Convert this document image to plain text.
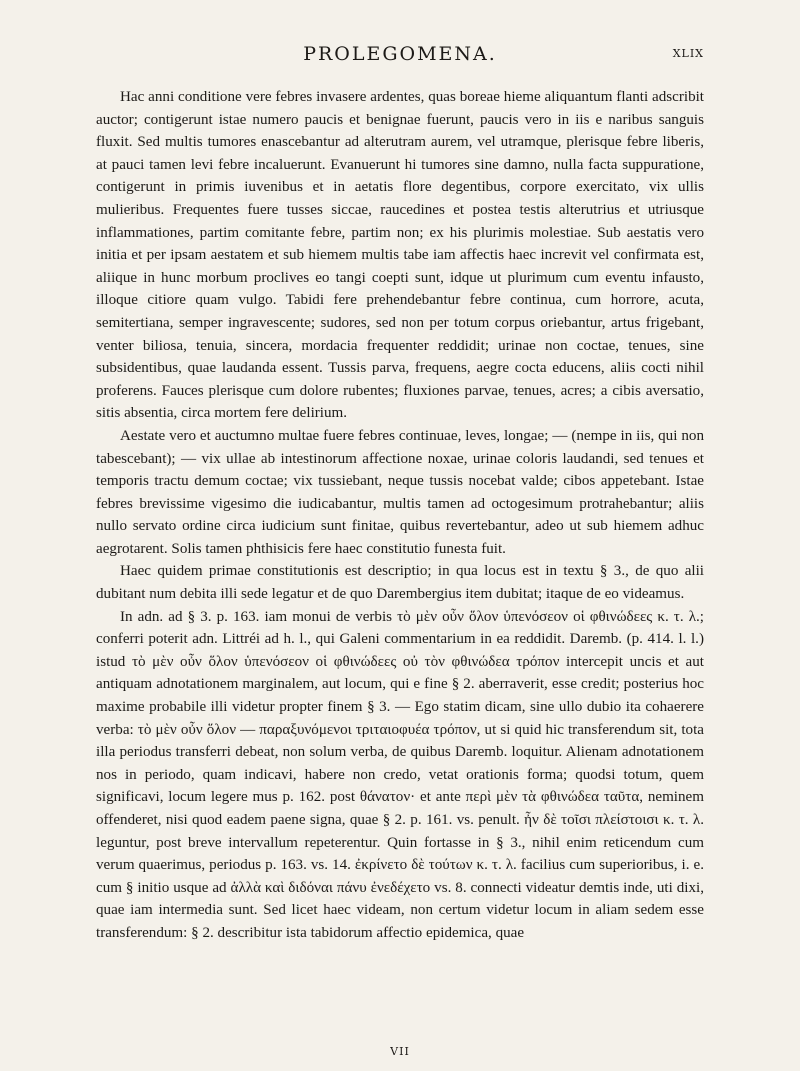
PROLEGOMENA.	XLIX

Hac anni conditione vere febres invasere ardentes, quas boreae hieme aliquantum flanti adscribit auctor; contigerunt istae numero paucis et benignae fuerunt, paucis vero in iis e naribus sanguis fluxit. Sed multis tumores enascebantur ad alterutram aurem, vel utramque, plerisque febre liberis, at pauci tamen levi febre incaluerunt. Evanuerunt hi tumores sine damno, nulla facta suppuratione, contigerunt in primis iuvenibus et in aetatis flore degentibus, corpore exercitato, vix ullis mulieribus. Frequentes fuere tusses siccae, raucedines et postea testis alterutrius et utriusque inflammationes, partim comitante febre, partim non; ex his plurimis molestiae. Sub aestatis vero initia et per ipsam aestatem et sub hiemem multis tabe iam affectis haec increvit vel confirmata est, aliique in hunc morbum proclives eo tangi coepti sunt, idque ut plurimum cum eventu infausto, illoque citiore quam vulgo. Tabidi fere prehendebantur febre continua, cum horrore, acuta, semitertiana, semper ingravescente; sudores, sed non per totum corpus oriebantur, artus frigebant, venter biliosa, tenuia, sincera, mordacia frequenter reddidit; urinae non coctae, tenues, sine subsidentibus, quae laudanda essent. Tussis parva, frequens, aegre cocta educens, aliis cocti nihil proferens. Fauces plerisque cum dolore rubentes; fluxiones parvae, tenues, acres; a cibis aversatio, sitis absentia, circa mortem fere delirium.

Aestate vero et auctumno multae fuere febres continuae, leves, longae; — (nempe in iis, qui non tabescebant); — vix ullae ab intestinorum affectione noxae, urinae coloris laudandi, sed tenues et temporis tractu demum coctae; vix tussiebant, neque tussis nocebat valde; cibos appetebant. Istae febres brevissime vigesimo die iudicabantur, multis tamen ad octogesimum protrahebantur; aliis nullo servato ordine circa iudicium sunt finitae, quibus revertebantur, adeo ut sub hiemem adhuc aegrotarent. Solis tamen phthisicis fere haec constitutio funesta fuit.

Haec quidem primae constitutionis est descriptio; in qua locus est in textu § 3., de quo alii dubitant num debita illi sede legatur et de quo Darembergius item dubitat; itaque de eo videamus.

In adn. ad § 3. p. 163. iam monui de verbis τὸ μὲν οὖν ὅλον ὑπενόσεον οἱ φθινώδεες κ. τ. λ.; conferri poterit adn. Littréi ad h. l., qui Galeni commentarium in ea reddidit. Daremb. (p. 414. l. l.) istud τὸ μὲν οὖν ὅλον ὑπενόσεον οἱ φθινώδεες οὐ τὸν φθινώδεα τρόπον intercepit uncis et aut antiquam adnotationem marginalem, aut locum, qui e fine § 2. aberraverit, esse credit; posterius hoc maxime probabile illi videtur propter finem § 3. — Ego statim dicam, sine ullo dubio ita cohaerere verba: τὸ μὲν οὖν ὅλον — παραξυνόμενοι τριταιοφυέα τρόπον, ut si quid hic transferendum sit, tota illa periodus transferri debeat, non solum verba, de quibus Daremb. loquitur. Alienam adnotationem nos in periodo, quam indicavi, habere non credo, vetat orationis forma; quodsi totum, quem significavi, locum legere mus p. 162. post θάνατον· et ante περὶ μὲν τὰ φθινώδεα ταῦτα, neminem offenderet, nisi quod eadem paene signa, quae § 2. p. 161. vs. penult. ἦν δὲ τοῖσι πλείστοισι κ. τ. λ. leguntur, post breve intervallum repeterentur. Quin fortasse in § 3., nihil enim reticendum cum verum quaerimus, periodus p. 163. vs. 14. ἐκρίνετο δὲ τούτων κ. τ. λ. facilius cum superioribus, i. e. cum § initio usque ad ἀλλὰ καὶ διδόναι πάνυ ἐνεδέχετο vs. 8. connecti videatur demtis inde, uti dixi, quae iam intermedia sunt. Sed licet haec videam, non certum videtur locum in aliam sedem esse transferendum: § 2. describitur ista tabidorum affectio epidemica, quae

VII
